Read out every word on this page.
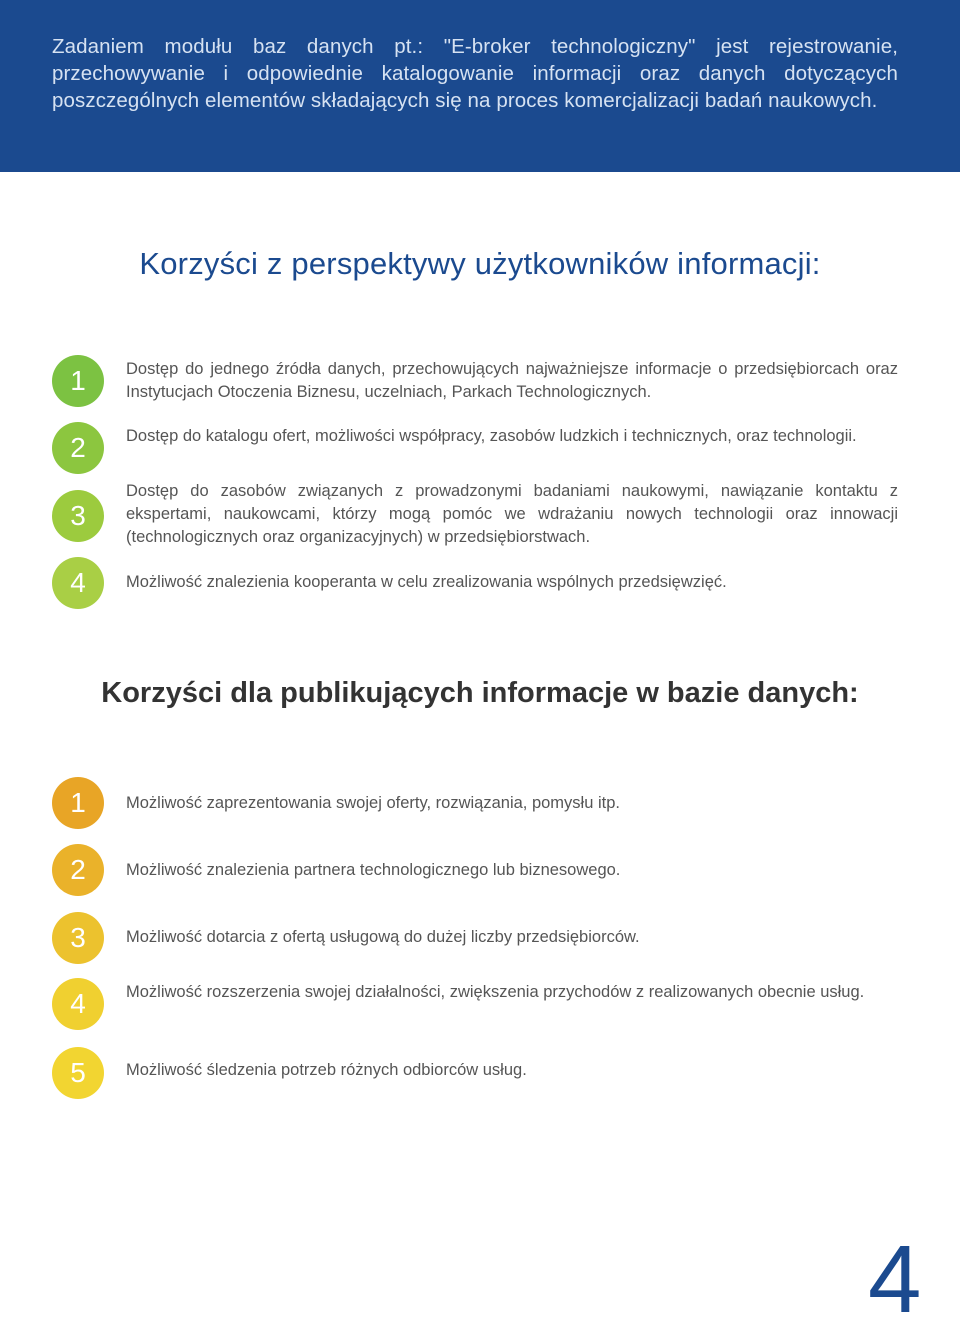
Zadaniem modułu baz danych pt.: "E-broker technologiczny" jest rejestrowanie, przechowywanie i odpowiednie katalogowanie informacji oraz danych dotyczących poszczególnych elementów składających się na proces komercjalizacji badań naukowych.

Korzyści z perspektywy użytkowników informacji:
1	Dostęp do jednego źródła danych, przechowujących najważniejsze informacje o przedsiębiorcach oraz Instytucjach Otoczenia Biznesu, uczelniach, Parkach Technologicznych.

2	Dostęp do katalogu ofert, możliwości współpracy, zasobów ludzkich i technicznych, oraz technologii.

3

Dostęp do zasobów związanych z prowadzonymi badaniami naukowymi, nawiązanie kontaktu z ekspertami, naukowcami, którzy mogą pomóc we wdrażaniu nowych technologii oraz innowacji (technologicznych oraz organizacyjnych) w przedsiębiorstwach.

4	Możliwość znalezienia kooperanta w celu zrealizowania wspólnych przedsięwzięć.

Korzyści dla publikujących informacje w bazie danych:
1	Możliwość zaprezentowania swojej oferty, rozwiązania, pomysłu itp.

2	Możliwość znalezienia partnera technologicznego lub biznesowego.

3	Możliwość dotarcia z ofertą usługową do dużej liczby przedsiębiorców.

4	Możliwość rozszerzenia swojej działalności, zwiększenia przychodów z realizowanych obecnie usług.

5	Możliwość śledzenia potrzeb różnych odbiorców usług.

4
